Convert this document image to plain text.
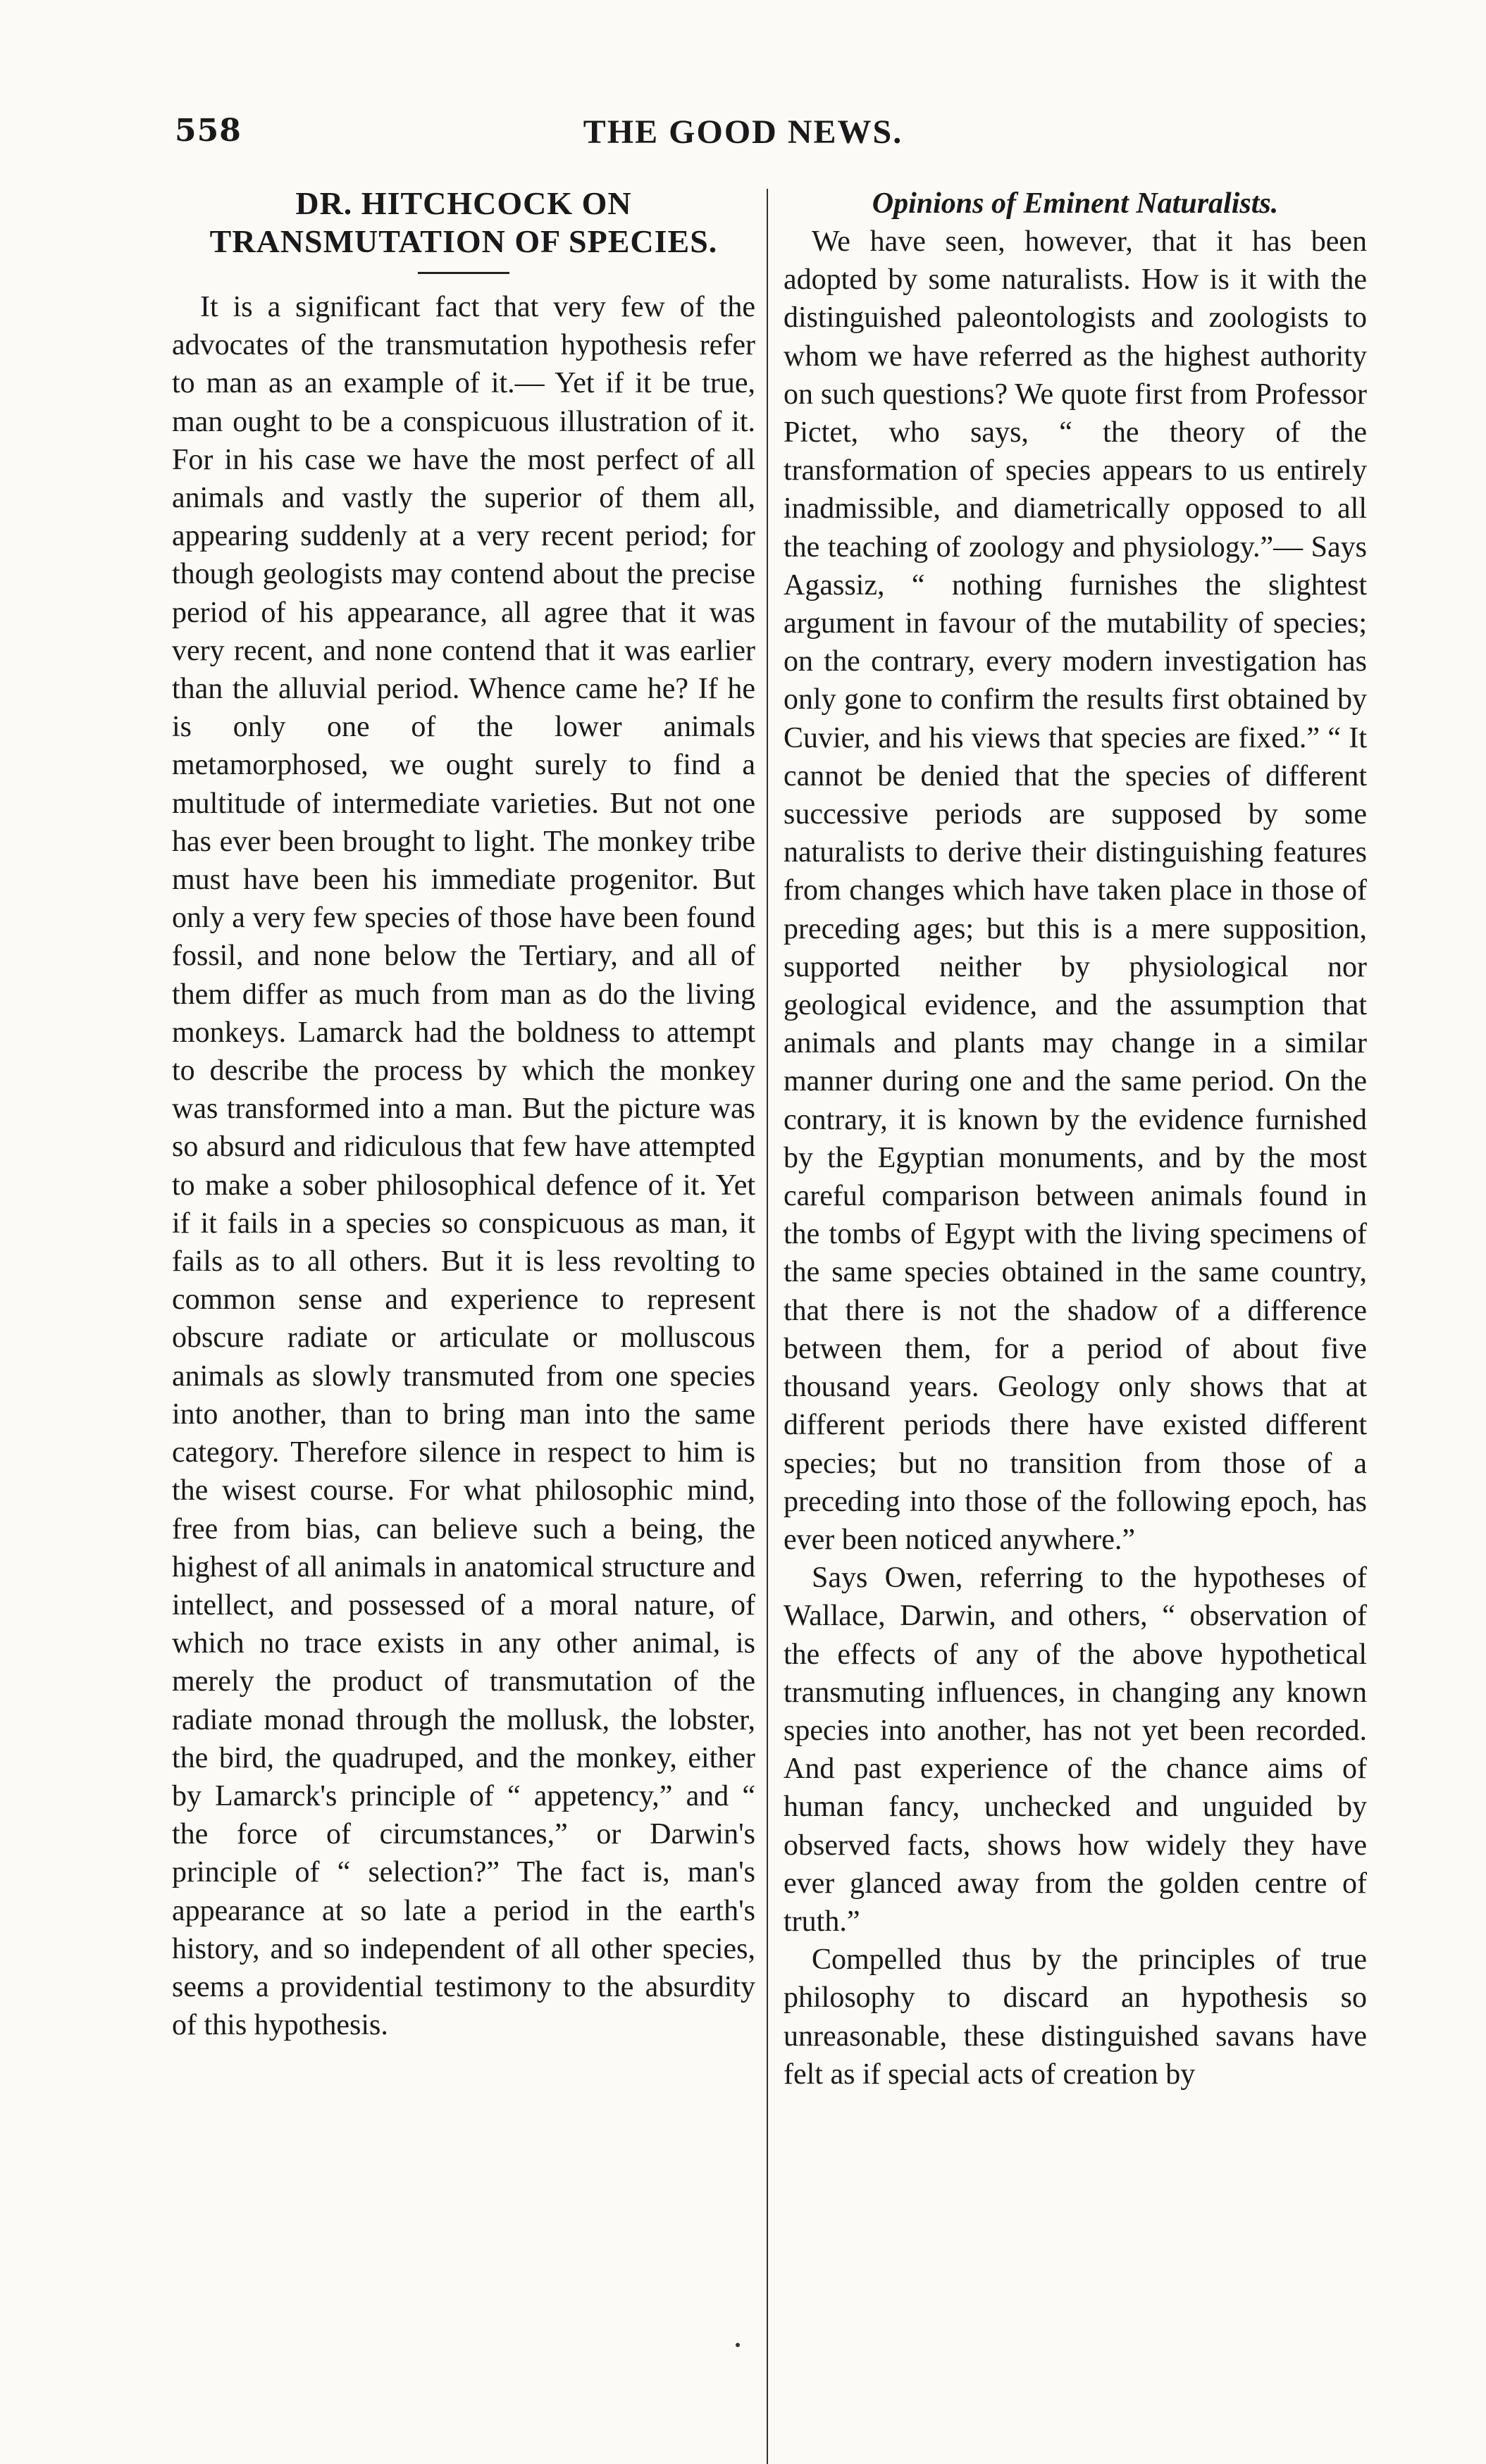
558	THE GOOD NEWS.
DR. HITCHCOCK ON TRANSMUTATION OF SPECIES.

It is a significant fact that very few of the advocates of the transmutation hypothesis refer to man as an example of it.— Yet if it be true, man ought to be a conspicuous illustration of it. For in his case we have the most perfect of all animals and vastly the superior of them all, appearing suddenly at a very recent period; for though geologists may contend about the precise period of his appearance, all agree that it was very recent, and none contend that it was earlier than the alluvial period. Whence came he? If he is only one of the lower animals metamorphosed, we ought surely to find a multitude of intermediate varieties. But not one has ever been brought to light. The monkey tribe must have been his immediate progenitor. But only a very few species of those have been found fossil, and none below the Tertiary, and all of them differ as much from man as do the living monkeys. Lamarck had the boldness to attempt to describe the process by which the monkey was transformed into a man. But the picture was so absurd and ridiculous that few have attempted to make a sober philosophical defence of it. Yet if it fails in a species so conspicuous as man, it fails as to all others. But it is less revolting to common sense and experience to represent obscure radiate or articulate or molluscous animals as slowly transmuted from one species into another, than to bring man into the same category. Therefore silence in respect to him is the wisest course. For what philosophic mind, free from bias, can believe such a being, the highest of all animals in anatomical structure and intellect, and possessed of a moral nature, of which no trace exists in any other animal, is merely the product of transmutation of the radiate monad through the mollusk, the lobster, the bird, the quadruped, and the monkey, either by Lamarck's principle of “ appetency,” and “ the force of circumstances,” or Darwin's principle of “ selection?” The fact is, man's appearance at so late a period in the earth's history, and so independent of all other species, seems a providential testimony to the absurdity of this hypothesis.

Opinions of Eminent Naturalists.

We have seen, however, that it has been adopted by some naturalists. How is it with the distinguished paleontologists and zoologists to whom we have referred as the highest authority on such questions? We quote first from Professor Pictet, who says, “ the theory of the transformation of species appears to us entirely inadmissible, and diametrically opposed to all the teaching of zoology and physiology.”— Says Agassiz, “ nothing furnishes the slightest argument in favour of the mutability of species; on the contrary, every modern investigation has only gone to confirm the results first obtained by Cuvier, and his views that species are fixed.” “ It cannot be denied that the species of different successive periods are supposed by some naturalists to derive their distinguishing features from changes which have taken place in those of preceding ages; but this is a mere supposition, supported neither by physiological nor geological evidence, and the assumption that animals and plants may change in a similar manner during one and the same period. On the contrary, it is known by the evidence furnished by the Egyptian monuments, and by the most careful comparison between animals found in the tombs of Egypt with the living specimens of the same species obtained in the same country, that there is not the shadow of a difference between them, for a period of about five thousand years. Geology only shows that at different periods there have existed different species; but no transition from those of a preceding into those of the following epoch, has ever been noticed anywhere.”

Says Owen, referring to the hypotheses of Wallace, Darwin, and others, “ observation of the effects of any of the above hypothetical transmuting influences, in changing any known species into another, has not yet been recorded. And past experience of the chance aims of human fancy, unchecked and unguided by observed facts, shows how widely they have ever glanced away from the golden centre of truth.”

Compelled thus by the principles of true philosophy to discard an hypothesis so unreasonable, these distinguished savans have felt as if special acts of creation by
